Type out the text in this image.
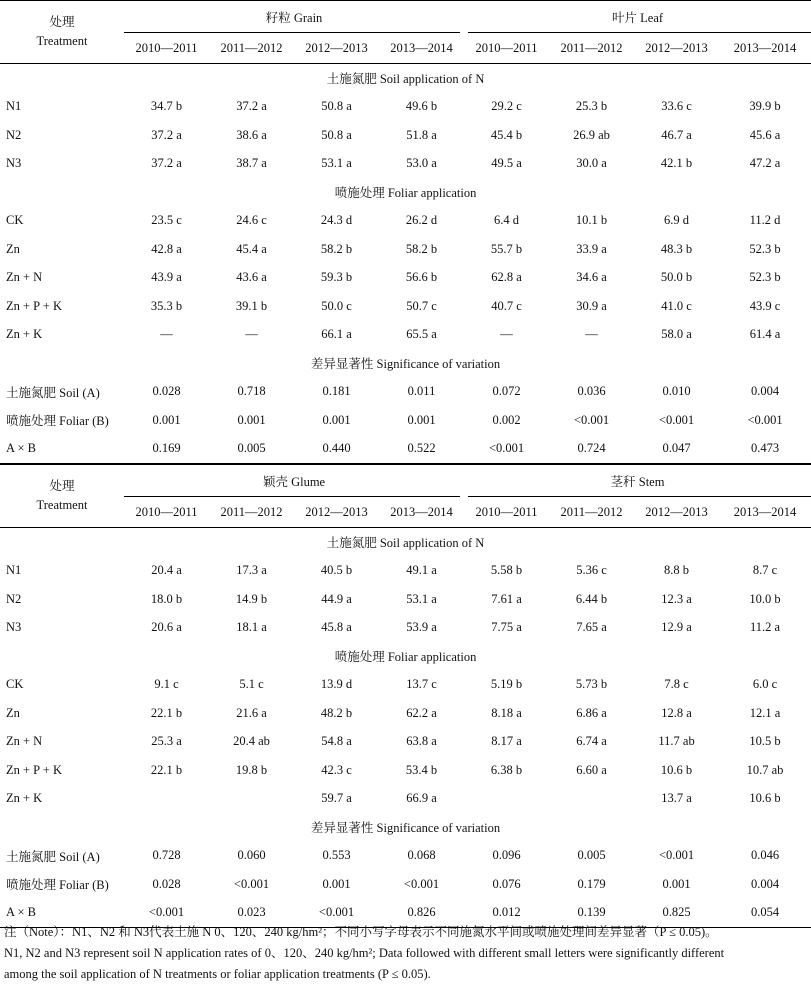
处理
Treatment	籽粒 Grain				叶片 Leaf			
	2010—2011	2011—2012	2012—2013	2013—2014	2010—2011	2011—2012	2012—2013	2013—2014
土施氮肥 Soil application of N								
N1	34.7 b	37.2 a	50.8 a	49.6 b	29.2 c	25.3 b	33.6 c	39.9 b
N2	37.2 a	38.6 a	50.8 a	51.8 a	45.4 b	26.9 ab	46.7 a	45.6 a
N3	37.2 a	38.7 a	53.1 a	53.0 a	49.5 a	30.0 a	42.1 b	47.2 a
喷施处理 Foliar application								
CK	23.5 c	24.6 c	24.3 d	26.2 d	6.4 d	10.1 b	6.9 d	11.2 d
Zn	42.8 a	45.4 a	58.2 b	58.2 b	55.7 b	33.9 a	48.3 b	52.3 b
Zn + N	43.9 a	43.6 a	59.3 b	56.6 b	62.8 a	34.6 a	50.0 b	52.3 b
Zn + P + K	35.3 b	39.1 b	50.0 c	50.7 c	40.7 c	30.9 a	41.0 c	43.9 c
Zn + K	—	—	66.1 a	65.5 a	—	—	58.0 a	61.4 a
差异显著性 Significance of variation								
土施氮肥 Soil (A)	0.028	0.718	0.181	0.011	0.072	0.036	0.010	0.004
喷施处理 Foliar (B)	0.001	0.001	0.001	0.001	0.002	<0.001	<0.001	<0.001
A × B	0.169	0.005	0.440	0.522	<0.001	0.724	0.047	0.473
处理
Treatment	颖壳 Glume				茎秆 Stem			
	2010—2011	2011—2012	2012—2013	2013—2014	2010—2011	2011—2012	2012—2013	2013—2014
土施氮肥 Soil application of N								
N1	20.4 a	17.3 a	40.5 b	49.1 a	5.58 b	5.36 c	8.8 b	8.7 c
N2	18.0 b	14.9 b	44.9 a	53.1 a	7.61 a	6.44 b	12.3 a	10.0 b
N3	20.6 a	18.1 a	45.8 a	53.9 a	7.75 a	7.65 a	12.9 a	11.2 a
喷施处理 Foliar application								
CK	9.1 c	5.1 c	13.9 d	13.7 c	5.19 b	5.73 b	7.8 c	6.0 c
Zn	22.1 b	21.6 a	48.2 b	62.2 a	8.18 a	6.86 a	12.8 a	12.1 a
Zn + N	25.3 a	20.4 ab	54.8 a	63.8 a	8.17 a	6.74 a	11.7 ab	10.5 b
Zn + P + K	22.1 b	19.8 b	42.3 c	53.4 b	6.38 b	6.60 a	10.6 b	10.7 ab
Zn + K			59.7 a	66.9 a			13.7 a	10.6 b
差异显著性 Significance of variation								
土施氮肥 Soil (A)	0.728	0.060	0.553	0.068	0.096	0.005	<0.001	0.046
喷施处理 Foliar (B)	0.028	<0.001	0.001	<0.001	0.076	0.179	0.001	0.004
A × B	<0.001	0.023	<0.001	0.826	0.012	0.139	0.825	0.054
注（Note）：N1、N2 和 N3代表土施 N 0、120、240 kg/hm²；不同小写字母表示不同施氮水平间或喷施处理间差异显著（P ≤ 0.05)。
N1, N2 and N3 represent soil N application rates of 0、120、240 kg/hm²; Data followed with different small letters were significantly different
among the soil application of N treatments or foliar application treatments (P ≤ 0.05).
